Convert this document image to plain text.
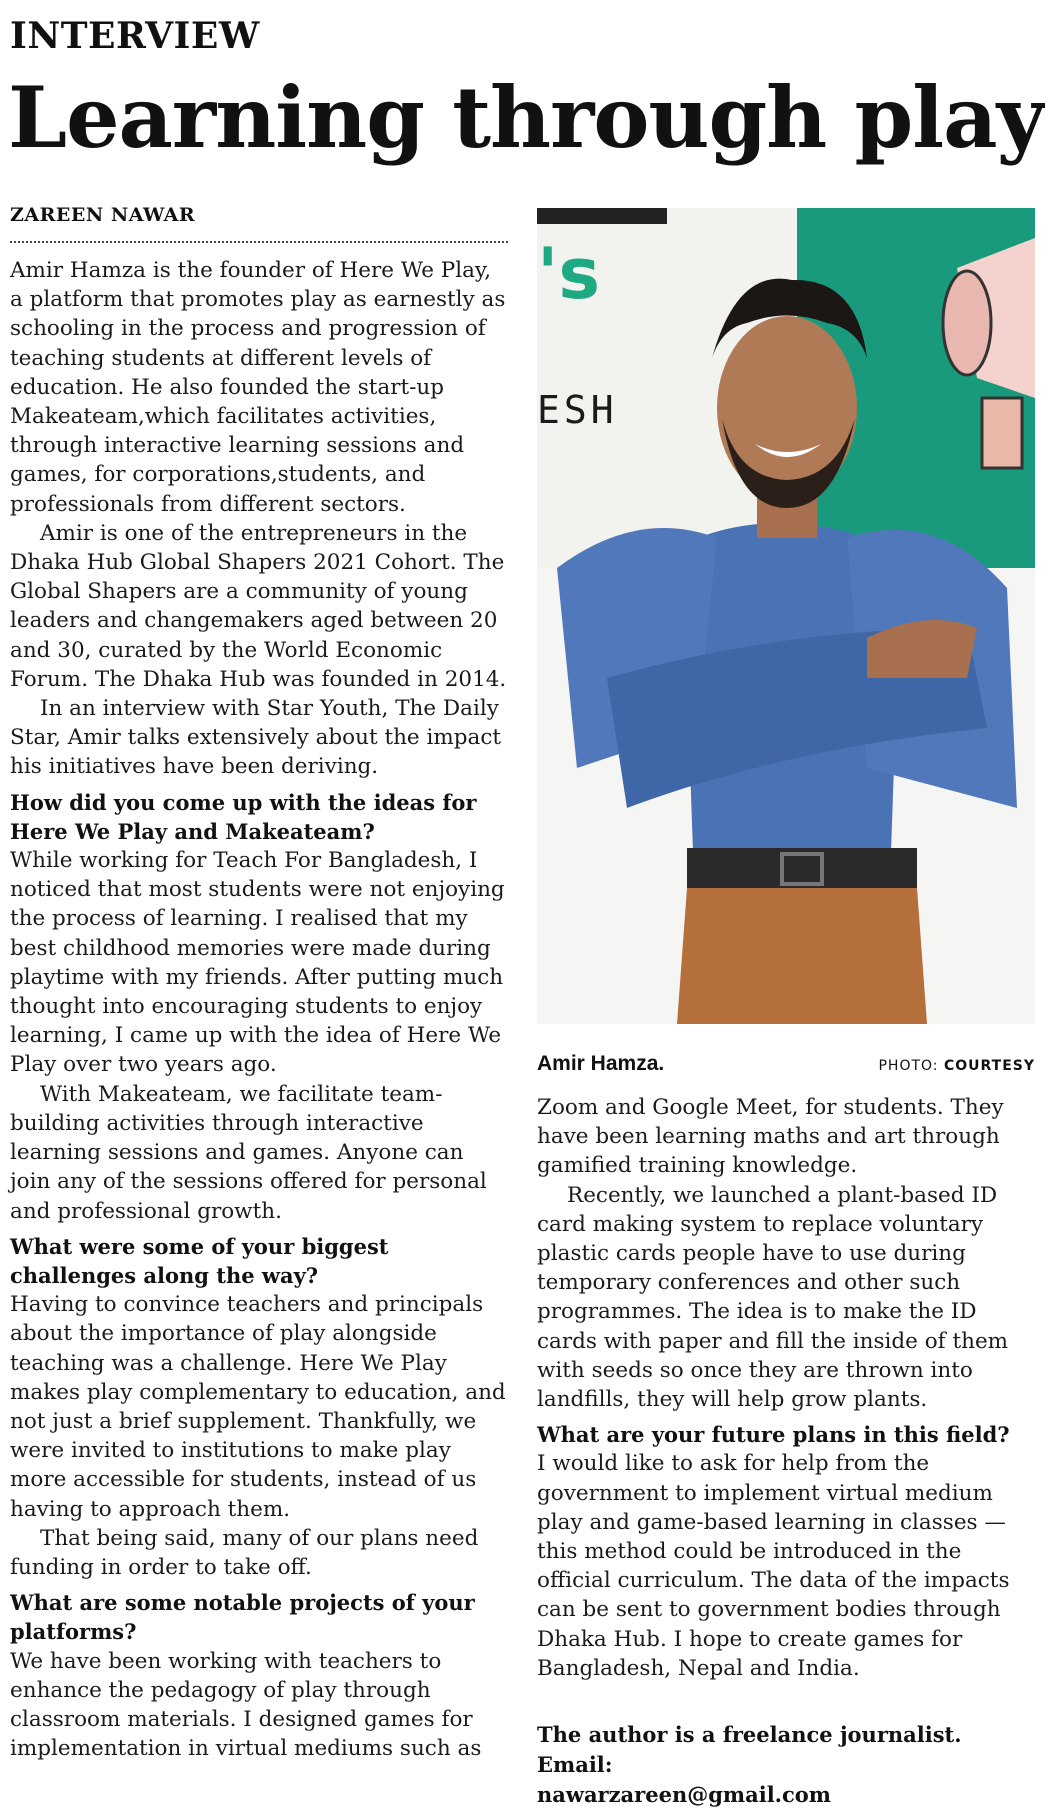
INTERVIEW
Learning through play
ZAREEN NAWAR

Amir Hamza is the founder of Here We Play, a platform that promotes play as earnestly as schooling in the process and progression of teaching students at different levels of education. He also founded the start-up Makeateam,which facilitates activities, through interactive learning sessions and games, for corporations,students, and professionals from different sectors.

Amir is one of the entrepreneurs in the Dhaka Hub Global Shapers 2021 Cohort. The Global Shapers are a community of young leaders and changemakers aged between 20 and 30, curated by the World Economic Forum. The Dhaka Hub was founded in 2014.

In an interview with Star Youth, The Daily Star, Amir talks extensively about the impact his initiatives have been deriving.

How did you come up with the ideas for Here We Play and Makeateam?

While working for Teach For Bangladesh, I noticed that most students were not enjoying the process of learning. I realised that my best childhood memories were made during playtime with my friends. After putting much thought into encouraging students to enjoy learning, I came up with the idea of Here We Play over two years ago.

With Makeateam, we facilitate team-building activities through interactive learning sessions and games. Anyone can join any of the sessions offered for personal and professional growth.

What were some of your biggest challenges along the way?

Having to convince teachers and principals about the importance of play alongside teaching was a challenge. Here We Play makes play complementary to education, and not just a brief supplement. Thankfully, we were invited to institutions to make play more accessible for students, instead of us having to approach them.

That being said, many of our plans need funding in order to take off.

What are some notable projects of your platforms?

We have been working with teachers to enhance the pedagogy of play through classroom materials. I designed games for implementation in virtual mediums such as

's
ESH
Amir Hamza.	PHOTO: COURTESY

Zoom and Google Meet, for students. They have been learning maths and art through gamified training knowledge.

Recently, we launched a plant-based ID card making system to replace voluntary plastic cards people have to use during temporary conferences and other such programmes. The idea is to make the ID cards with paper and fill the inside of them with seeds so once they are thrown into landfills, they will help grow plants.

What are your future plans in this field?

I would like to ask for help from the government to implement virtual medium play and game-based learning in classes — this method could be introduced in the official curriculum. The data of the impacts can be sent to government bodies through Dhaka Hub. I hope to create games for Bangladesh, Nepal and India.

The author is a freelance journalist. Email:
nawarzareen@gmail.com
